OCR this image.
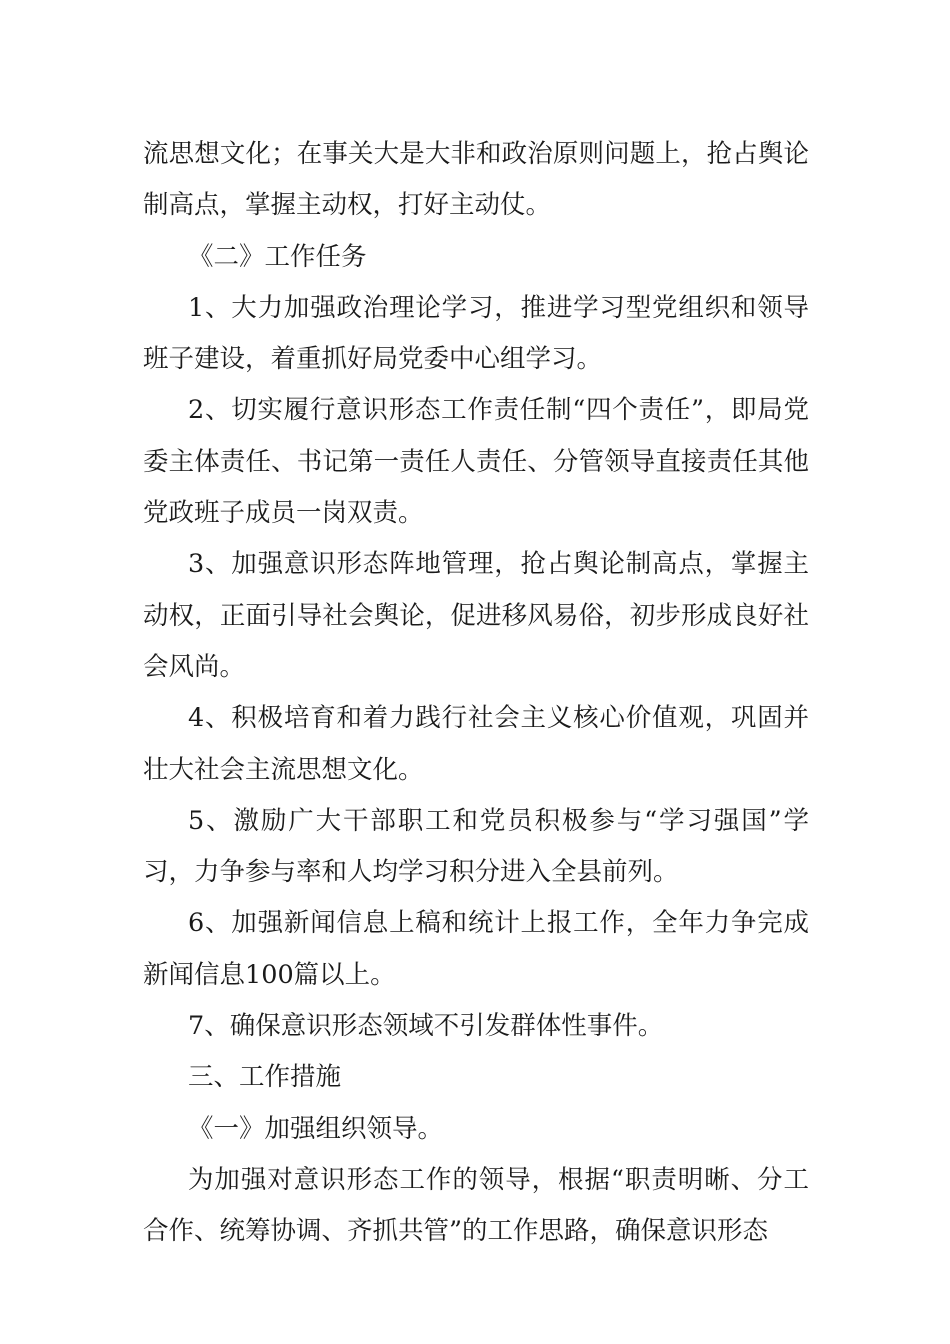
流思想文化；在事关大是大非和政治原则问题上，抢占舆论制高点，掌握主动权，打好主动仗。

《二》工作任务

1、大力加强政治理论学习，推进学习型党组织和领导班子建设，着重抓好局党委中心组学习。

2、切实履行意识形态工作责任制“四个责任”，即局党委主体责任、书记第一责任人责任、分管领导直接责任其他党政班子成员一岗双责。

3、加强意识形态阵地管理，抢占舆论制高点，掌握主动权，正面引导社会舆论，促进移风易俗，初步形成良好社会风尚。

4、积极培育和着力践行社会主义核心价值观，巩固并壮大社会主流思想文化。

5、激励广大干部职工和党员积极参与“学习强国”学习，力争参与率和人均学习积分进入全县前列。

6、加强新闻信息上稿和统计上报工作，全年力争完成新闻信息100篇以上。

7、确保意识形态领域不引发群体性事件。

三、工作措施

《一》加强组织领导。

为加强对意识形态工作的领导，根据“职责明晰、分工合作、统筹协调、齐抓共管”的工作思路，确保意识形态
